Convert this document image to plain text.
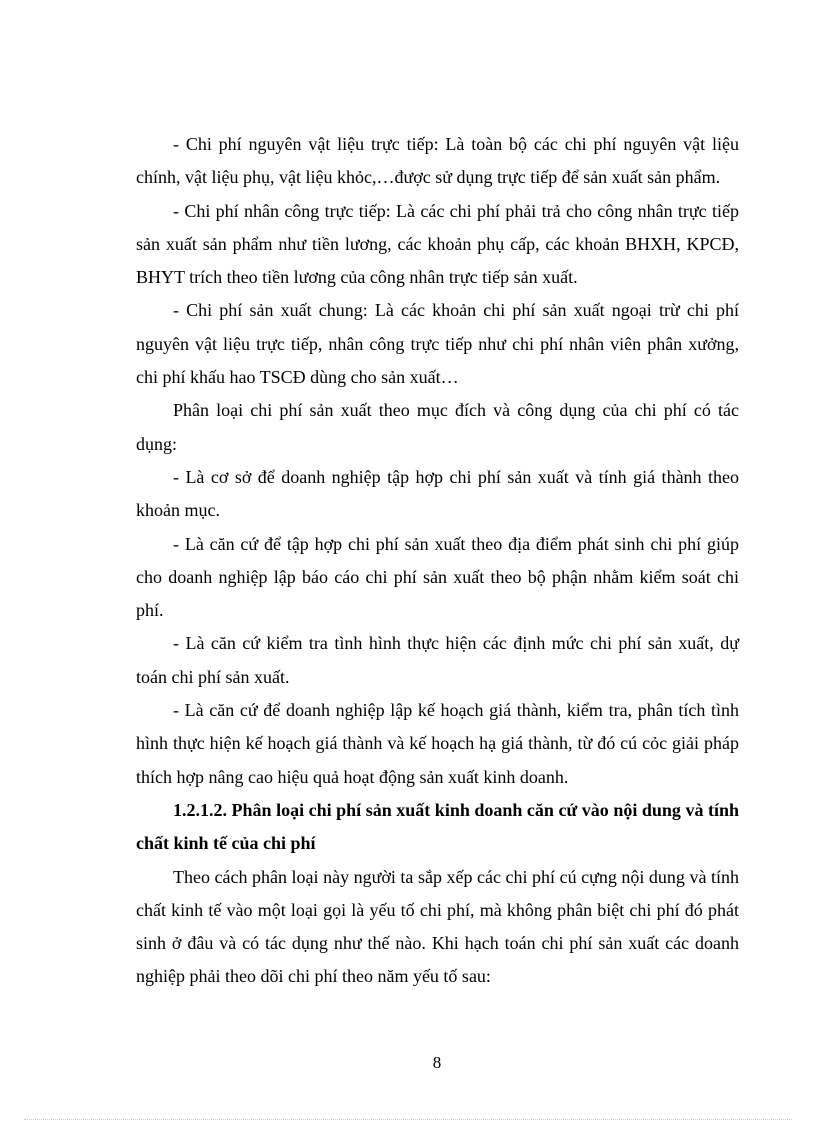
- Chi phí nguyên vật liệu trực tiếp: Là toàn bộ các chi phí nguyên vật liệu chính, vật liệu phụ, vật liệu khỏc,…được sử dụng trực tiếp để sản xuất sản phẩm.

- Chi phí nhân công trực tiếp: Là các chi phí phải trả cho công nhân trực tiếp sản xuất sản phẩm như tiền lương, các khoản phụ cấp, các khoản BHXH, KPCĐ, BHYT trích theo tiền lương của công nhân trực tiếp sản xuất.

- Chi phí sản xuất chung: Là các khoản chi phí sản xuất ngoại trừ chi phí nguyên vật liệu trực tiếp, nhân công trực tiếp như chi phí nhân viên phân xưởng, chi phí khấu hao TSCĐ dùng cho sản xuất…

Phân loại chi phí sản xuất theo mục đích và công dụng của chi phí có tác dụng:

- Là cơ sở để doanh nghiệp tập hợp chi phí sản xuất và tính giá thành theo khoản mục.

- Là căn cứ để tập hợp chi phí sản xuất theo địa điểm phát sinh chi phí giúp cho doanh nghiệp lập báo cáo chi phí sản xuất theo bộ phận nhằm kiểm soát chi phí.

- Là căn cứ kiểm tra tình hình thực hiện các định mức chi phí sản xuất, dự toán chi phí sản xuất.

- Là căn cứ để doanh nghiệp lập kế hoạch giá thành, kiểm tra, phân tích tình hình thực hiện kế hoạch giá thành và kế hoạch hạ giá thành, từ đó cú cỏc giải pháp thích hợp nâng cao hiệu quả hoạt động sản xuất kinh doanh.

1.2.1.2. Phân loại chi phí sản xuất kinh doanh căn cứ vào nội dung và tính chất kinh tế của chi phí

Theo cách phân loại này người ta sắp xếp các chi phí cú cựng nội dung và tính chất kinh tế vào một loại gọi là yếu tố chi phí, mà không phân biệt chi phí đó phát sinh ở đâu và có tác dụng như thế nào. Khi hạch toán chi phí sản xuất các doanh nghiệp phải theo dõi chi phí theo năm yếu tố sau:

8
